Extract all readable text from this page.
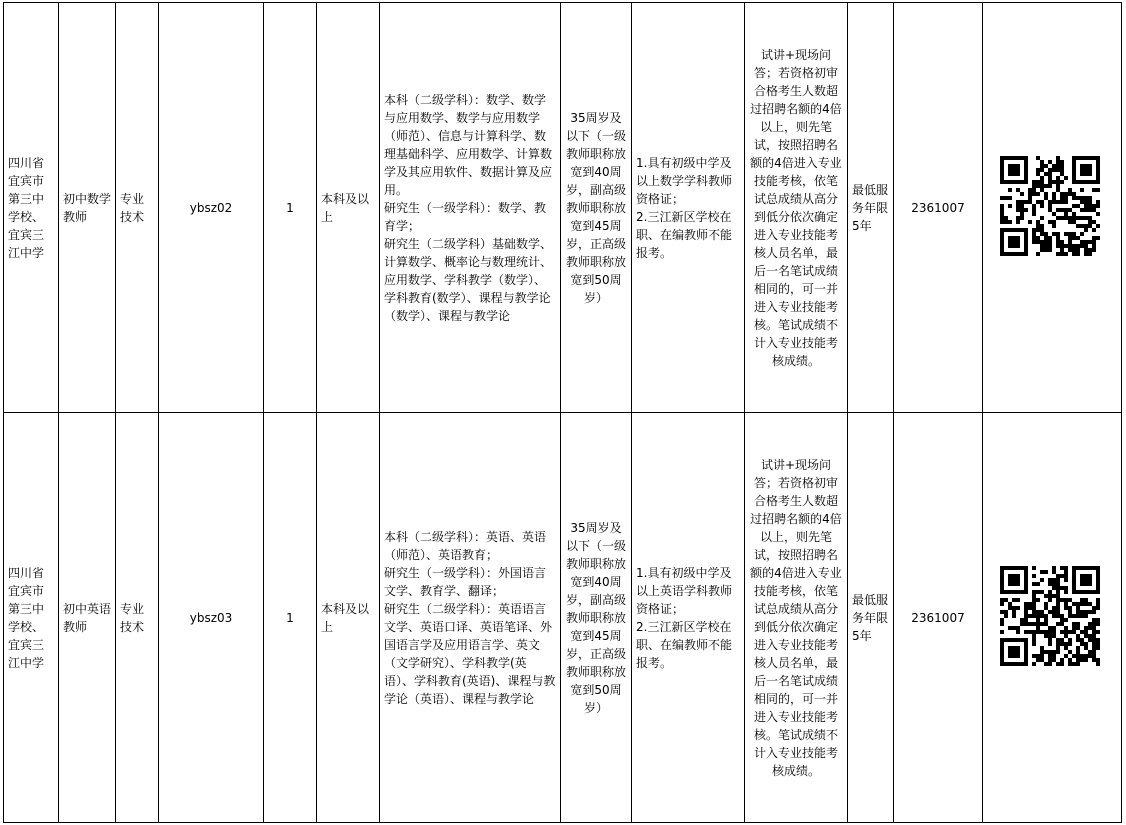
四川省宜宾市第三中学校、宜宾三江中学	初中数学教师	专业技术	ybsz02	1	本科及以上	本科（二级学科）：数学、数学与应用数学、数学与应用数学（师范）、信息与计算科学、数理基础科学、应用数学、计算数学及其应用软件、数据计算及应用。
研究生（一级学科）：数学、教育学；
研究生（二级学科）基础数学、计算数学、概率论与数理统计、应用数学、学科教学（数学）、学科教育(数学）、课程与教学论（数学）、课程与教学论	35周岁及以下（一级教师职称放宽到40周岁，副高级教师职称放宽到45周岁，正高级教师职称放宽到50周岁）	1.具有初级中学及以上数学学科教师资格证；
2.三江新区学校在职、在编教师不能报考。	试讲+现场问答；若资格初审合格考生人数超过招聘名额的4倍以上，则先笔试，按照招聘名额的4倍进入专业技能考核，依笔试总成绩从高分到低分依次确定进入专业技能考核人员名单，最后一名笔试成绩相同的，可一并进入专业技能考核。笔试成绩不计入专业技能考核成绩。	最低服务年限5年	2361007	

四川省宜宾市第三中学校、宜宾三江中学	初中英语教师	专业技术	ybsz03	1	本科及以上	本科（二级学科）：英语、英语（师范）、英语教育；
研究生（一级学科）：外国语言文学、教育学、翻译；
研究生（二级学科）：英语语言文学、英语口译、英语笔译、外国语言学及应用语言学、英文（文学研究）、学科教学(英语）、学科教育(英语)、课程与教学论（英语）、课程与教学论	35周岁及以下（一级教师职称放宽到40周岁，副高级教师职称放宽到45周岁，正高级教师职称放宽到50周岁）	1.具有初级中学及以上英语学科教师资格证；
2.三江新区学校在职、在编教师不能报考。	试讲+现场问答；若资格初审合格考生人数超过招聘名额的4倍以上，则先笔试，按照招聘名额的4倍进入专业技能考核，依笔试总成绩从高分到低分依次确定进入专业技能考核人员名单，最后一名笔试成绩相同的，可一并进入专业技能考核。笔试成绩不计入专业技能考核成绩。	最低服务年限5年	2361007	
